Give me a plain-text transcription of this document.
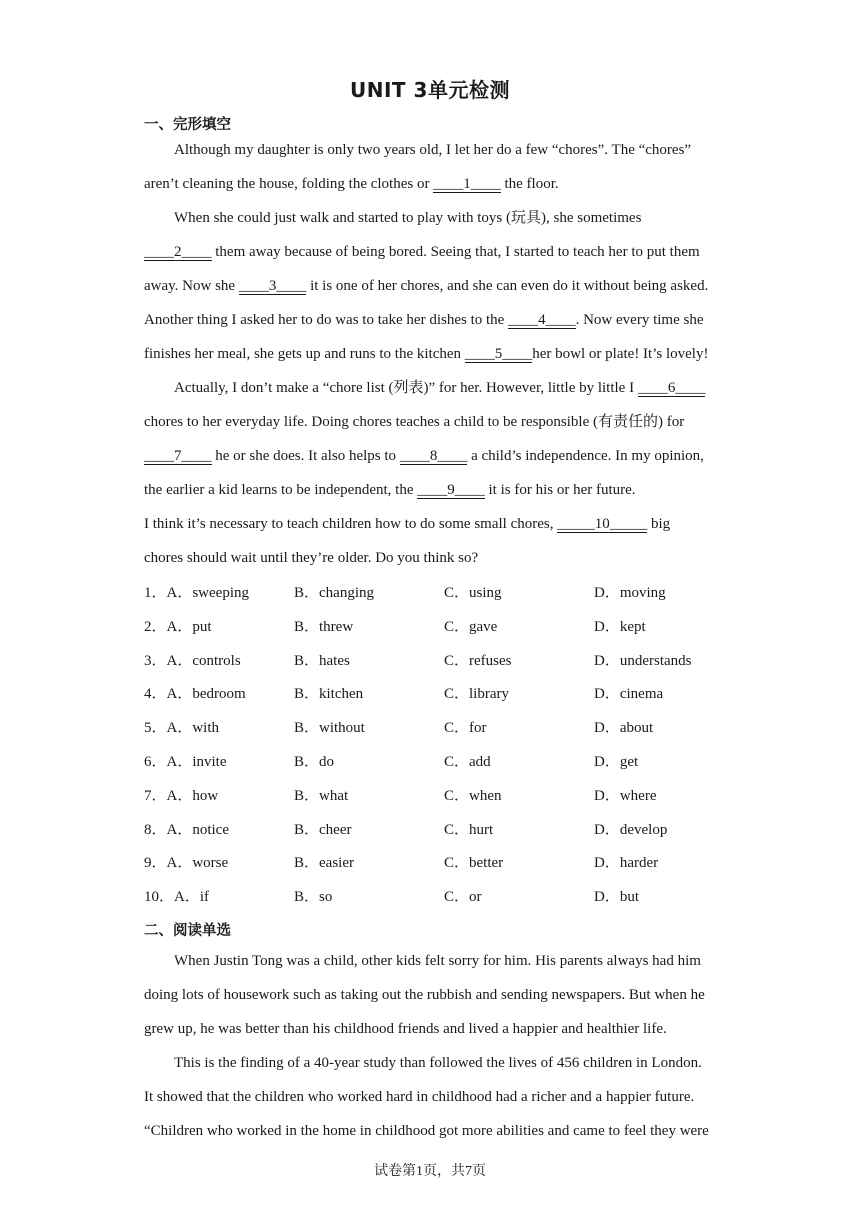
UNIT 3单元检测
一、完形填空
Although my daughter is only two years old, I let her do a few “chores”. The “chores”
aren’t cleaning the house, folding the clothes or ____1____ the floor.
When she could just walk and started to play with toys (玩具), she sometimes
____2____ them away because of being bored. Seeing that, I started to teach her to put them
away. Now she ____3____ it is one of her chores, and she can even do it without being asked.
Another thing I asked her to do was to take her dishes to the ____4____. Now every time she
finishes her meal, she gets up and runs to the kitchen ____5____her bowl or plate! It’s lovely!
Actually, I don’t make a “chore list (列表)” for her. However, little by little I ____6____
chores to her everyday life. Doing chores teaches a child to be responsible (有责任的) for
____7____ he or she does. It also helps to ____8____ a child’s independence. In my opinion,
the earlier a kid learns to be independent, the ____9____ it is for his or her future.
I think it’s necessary to teach children how to do some small chores, _____10_____ big
chores should wait until they’re older. Do you think so?
1．A．sweeping	B．changing	C．using	D．moving
2．A．put	B．threw	C．gave	D．kept
3．A．controls	B．hates	C．refuses	D．understands
4．A．bedroom	B．kitchen	C．library	D．cinema
5．A．with	B．without	C．for	D．about
6．A．invite	B．do	C．add	D．get
7．A．how	B．what	C．when	D．where
8．A．notice	B．cheer	C．hurt	D．develop
9．A．worse	B．easier	C．better	D．harder
10．A．if	B．so	C．or	D．but
二、阅读单选
When Justin Tong was a child, other kids felt sorry for him. His parents always had him
doing lots of housework such as taking out the rubbish and sending newspapers. But when he
grew up, he was better than his childhood friends and lived a happier and healthier life.
This is the finding of a 40-year study than followed the lives of 456 children in London.
It showed that the children who worked hard in childhood had a richer and a happier future.
“Children who worked in the home in childhood got more abilities and came to feel they were
试卷第1页，共7页
